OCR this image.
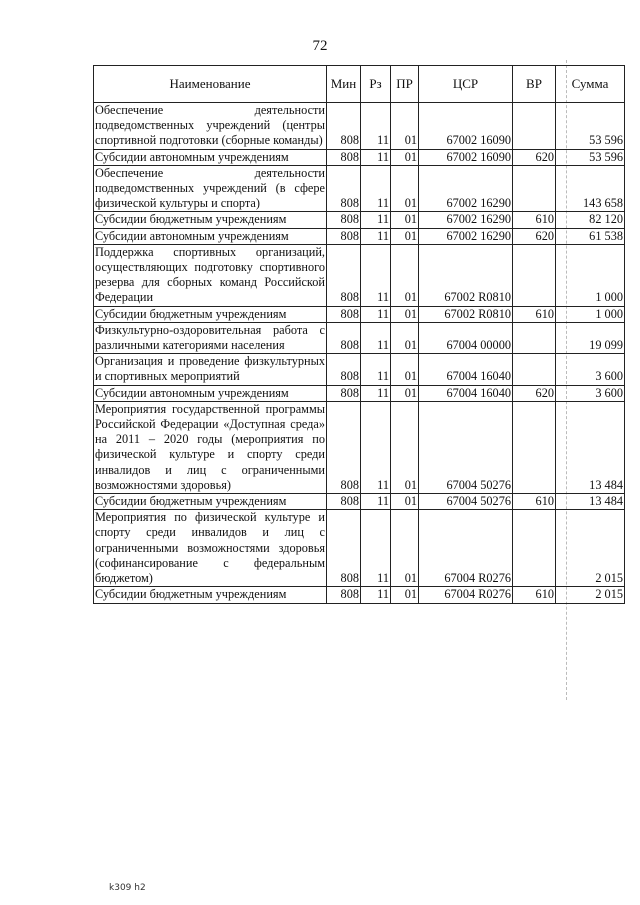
72
Наименование	Мин	Рз	ПР	ЦСР	ВР	Сумма
Обеспечение деятельности подведомственных учреждений (центры спортивной подготовки (сборные команды)	808	11	01	67002 16090		53 596
Субсидии автономным учреждениям	808	11	01	67002 16090	620	53 596
Обеспечение деятельности подведомственных учреждений (в сфере физической культуры и спорта)	808	11	01	67002 16290		143 658
Субсидии бюджетным учреждениям	808	11	01	67002 16290	610	82 120
Субсидии автономным учреждениям	808	11	01	67002 16290	620	61 538
Поддержка спортивных организаций, осуществляющих подготовку спортивного резерва для сборных команд Российской Федерации	808	11	01	67002 R0810		1 000
Субсидии бюджетным учреждениям	808	11	01	67002 R0810	610	1 000
Физкультурно-оздоровительная работа с различными категориями населения	808	11	01	67004 00000		19 099
Организация и проведение физкультурных и спортивных мероприятий	808	11	01	67004 16040		3 600
Субсидии автономным учреждениям	808	11	01	67004 16040	620	3 600
Мероприятия государственной программы Российской Федерации «Доступная среда» на 2011 – 2020 годы (мероприятия по физической культуре и спорту среди инвалидов и лиц с ограниченными возможностями здоровья)	808	11	01	67004 50276		13 484
Субсидии бюджетным учреждениям	808	11	01	67004 50276	610	13 484
Мероприятия по физической культуре и спорту среди инвалидов и лиц с ограниченными возможностями здоровья (софинансирование с федеральным бюджетом)	808	11	01	67004 R0276		2 015
Субсидии бюджетным учреждениям	808	11	01	67004 R0276	610	2 015
k309 h2
